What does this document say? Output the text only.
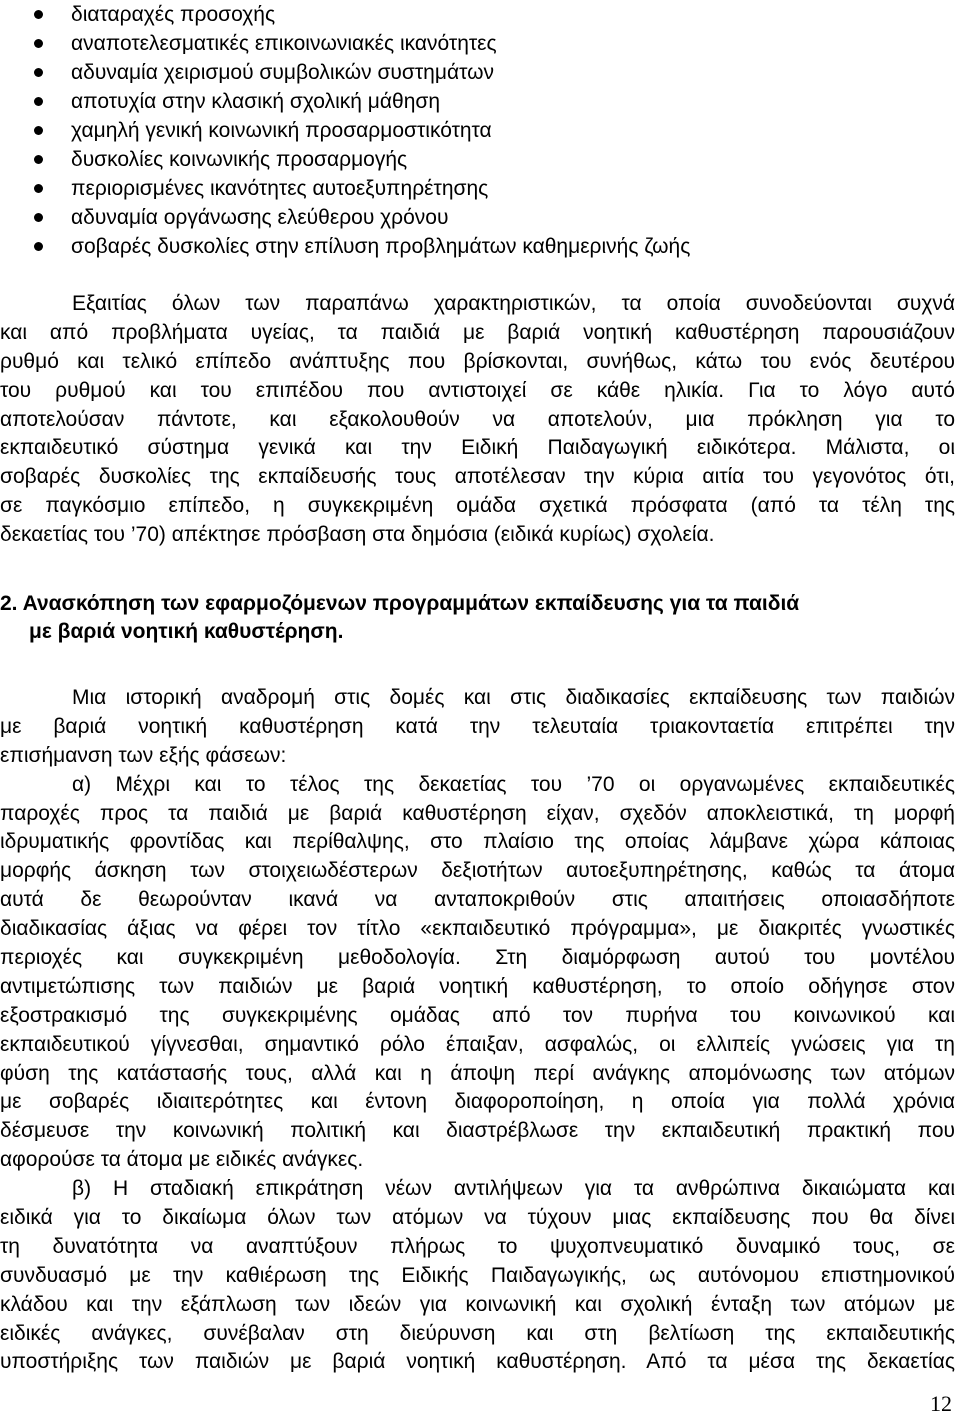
διαταραχές προσοχής
αναποτελεσματικές επικοινωνιακές ικανότητες
αδυναμία χειρισμού συμβολικών συστημάτων
αποτυχία στην κλασική σχολική μάθηση
χαμηλή γενική κοινωνική προσαρμοστικότητα
δυσκολίες κοινωνικής προσαρμογής
περιορισμένες ικανότητες αυτοεξυπηρέτησης
αδυναμία οργάνωσης ελεύθερου χρόνου
σοβαρές δυσκολίες στην επίλυση προβλημάτων καθημερινής ζωής
Εξαιτίας όλων των παραπάνω χαρακτηριστικών, τα οποία συνοδεύονται συχνά
και από προβλήματα υγείας, τα παιδιά με βαριά νοητική καθυστέρηση παρουσιάζουν
ρυθμό και τελικό επίπεδο ανάπτυξης που βρίσκονται, συνήθως, κάτω του ενός δευτέρου
του ρυθμού και του επιπέδου που αντιστοιχεί σε κάθε ηλικία. Για το λόγο αυτό
αποτελούσαν πάντοτε, και εξακολουθούν να αποτελούν, μια πρόκληση για το
εκπαιδευτικό σύστημα γενικά και την Ειδική Παιδαγωγική ειδικότερα. Μάλιστα, οι
σοβαρές δυσκολίες της εκπαίδευσής τους αποτέλεσαν την κύρια αιτία του γεγονότος ότι,
σε παγκόσμιο επίπεδο, η συγκεκριμένη ομάδα σχετικά πρόσφατα (από τα τέλη της
δεκαετίας του ’70) απέκτησε πρόσβαση στα δημόσια (ειδικά κυρίως) σχολεία.
2. Ανασκόπηση των εφαρμοζόμενων προγραμμάτων εκπαίδευσης για τα παιδιά
με βαριά νοητική καθυστέρηση.
Μια ιστορική αναδρομή στις δομές και στις διαδικασίες εκπαίδευσης των παιδιών
με βαριά νοητική καθυστέρηση κατά την τελευταία τριακονταετία επιτρέπει την
επισήμανση των εξής φάσεων:
α) Μέχρι και το τέλος της δεκαετίας του ’70 οι οργανωμένες εκπαιδευτικές
παροχές προς τα παιδιά με βαριά καθυστέρηση είχαν, σχεδόν αποκλειστικά, τη μορφή
ιδρυματικής φροντίδας και περίθαλψης, στο πλαίσιο της οποίας λάμβανε χώρα κάποιας
μορφής άσκηση των στοιχειωδέστερων δεξιοτήτων αυτοεξυπηρέτησης, καθώς τα άτομα
αυτά δε θεωρούνταν ικανά να ανταποκριθούν στις απαιτήσεις οποιασδήποτε
διαδικασίας άξιας να φέρει τον τίτλο «εκπαιδευτικό πρόγραμμα», με διακριτές γνωστικές
περιοχές και συγκεκριμένη μεθοδολογία. Στη διαμόρφωση αυτού του μοντέλου
αντιμετώπισης των παιδιών με βαριά νοητική καθυστέρηση, το οποίο οδήγησε στον
εξοστρακισμό της συγκεκριμένης ομάδας από τον πυρήνα του κοινωνικού και
εκπαιδευτικού γίγνεσθαι, σημαντικό ρόλο έπαιξαν, ασφαλώς, οι ελλιπείς γνώσεις για τη
φύση της κατάστασής τους, αλλά και η άποψη περί ανάγκης απομόνωσης των ατόμων
με σοβαρές ιδιαιτερότητες και έντονη διαφοροποίηση, η οποία για πολλά χρόνια
δέσμευσε την κοινωνική πολιτική και διαστρέβλωσε την εκπαιδευτική πρακτική που
αφορούσε τα άτομα με ειδικές ανάγκες.
β) Η σταδιακή επικράτηση νέων αντιλήψεων για τα ανθρώπινα δικαιώματα και
ειδικά για το δικαίωμα όλων των ατόμων να τύχουν μιας εκπαίδευσης που θα δίνει
τη δυνατότητα να αναπτύξουν πλήρως το ψυχοπνευματικό δυναμικό τους, σε
συνδυασμό με την καθιέρωση της Ειδικής Παιδαγωγικής, ως αυτόνομου επιστημονικού
κλάδου και την εξάπλωση των ιδεών για κοινωνική και σχολική ένταξη των ατόμων με
ειδικές ανάγκες, συνέβαλαν στη διεύρυνση και στη βελτίωση της εκπαιδευτικής
υποστήριξης των παιδιών με βαριά νοητική καθυστέρηση. Από τα μέσα της δεκαετίας
12
